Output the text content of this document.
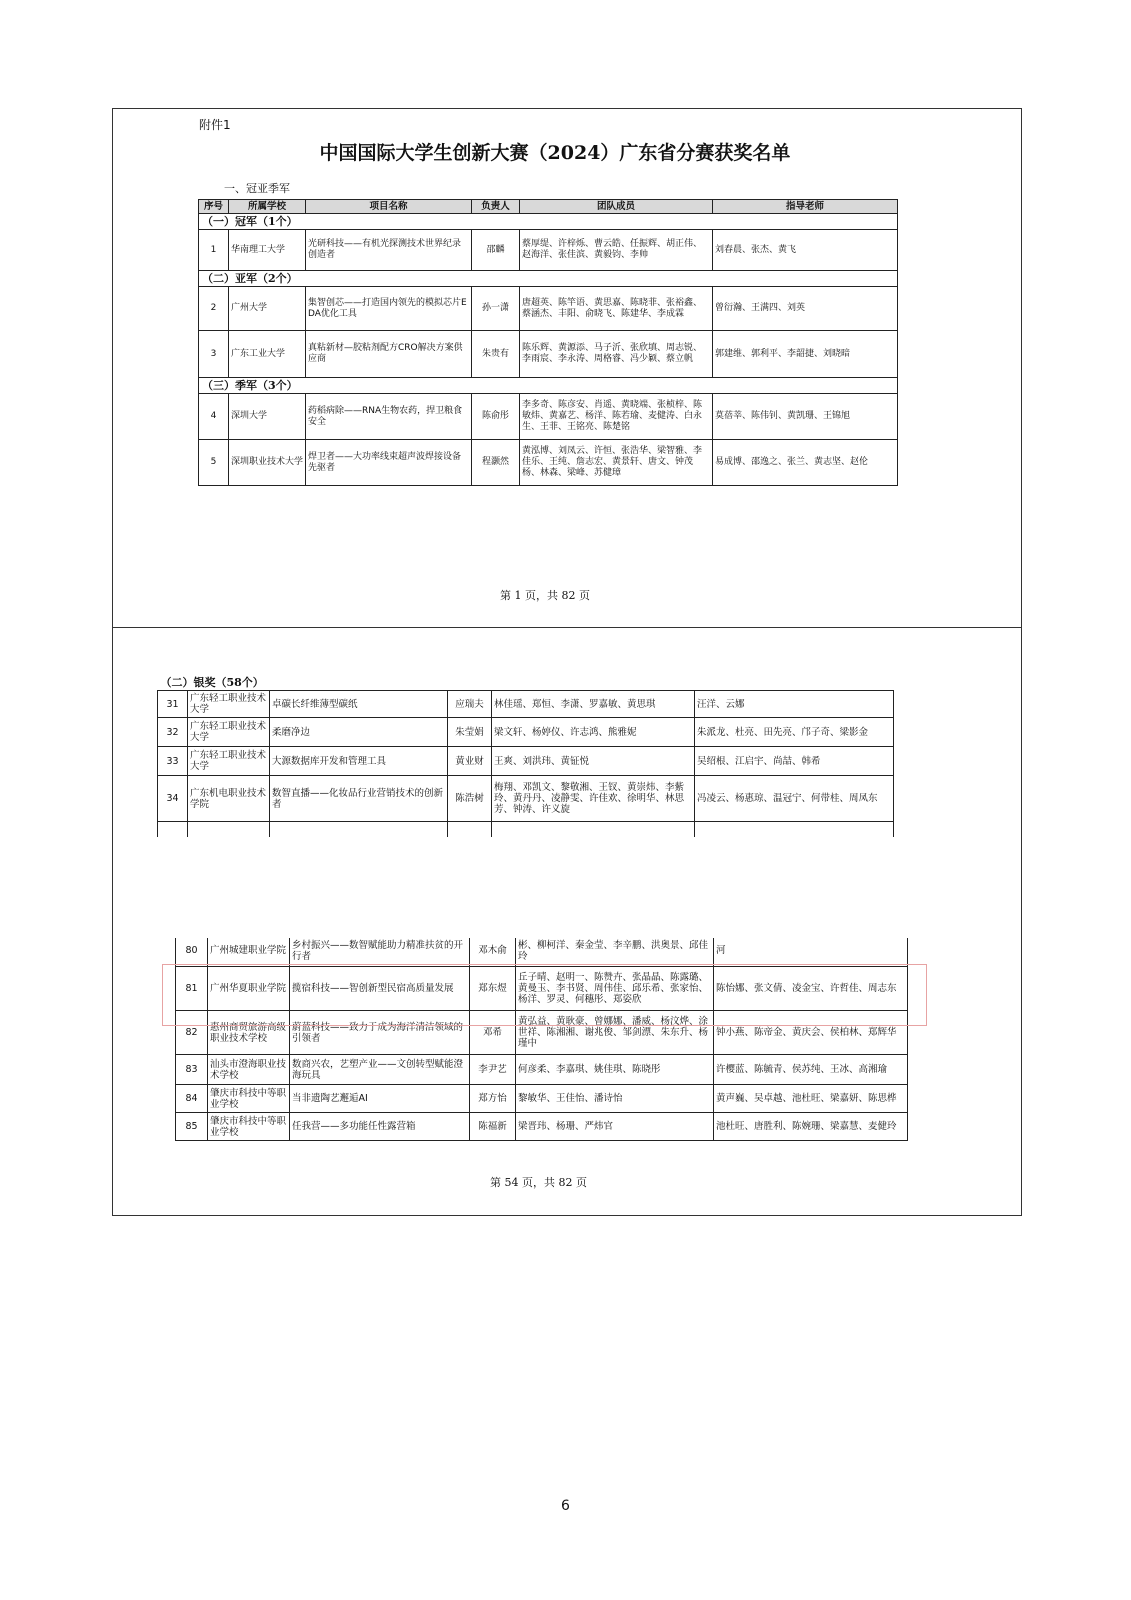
附件1
中国国际大学生创新大赛（2024）广东省分赛获奖名单
一、冠亚季军
序号	所属学校	项目名称	负责人	团队成员	指导老师
（一）冠军（1个）					
1	华南理工大学	光研科技——有机光探测技术世界纪录创造者	邵麟	蔡厚缇、许梓烁、曹云皓、任振辉、胡正伟、赵海洋、张佳滨、黄毅钧、李帅	刘春晨、张杰、黄飞
（二）亚军（2个）					
2	广州大学	集智创芯——打造国内领先的模拟芯片EDA优化工具	孙一潇	唐超英、陈竿语、黄思嘉、陈晓菲、张裕鑫、蔡涵杰、丰阳、俞晓飞、陈建华、李成霖	曾衍瀚、王满四、刘英
3	广东工业大学	真粘新材—胶粘剂配方CRO解决方案供应商	朱贵有	陈乐辉、黄源添、马子沂、张欣填、周志锐、李雨宸、李永涛、周格睿、冯少颖、蔡立帆	郭建维、郭利平、李韶捷、刘晓暗
（三）季军（3个）					
4	深圳大学	药稻病除——RNA生物农药，捍卫粮食安全	陈俞彤	李多奇、陈彦安、肖遥、黄晓端、张桢梓、陈敏炜、黄嘉艺、杨洋、陈若瑜、麦健涛、白永生、王菲、王铭亮、陈楚铭	莫蓓莘、陈伟钊、黄凯珊、王锦旭
5	深圳职业技术大学	焊卫者——大功率线束超声波焊接设备先驱者	程灏然	黄泓博、刘凤云、许恒、张浩华、梁智雅、李佳乐、王纯、詹志宏、黄景轩、唐文、钟茂杨、林森、梁峰、苏健璋	易成博、邵逸之、张兰、黄志坚、赵伦
第 1 页，共 82 页
（二）银奖（58个）					
31	广东轻工职业技术大学	卓碳长纤维薄型碳纸	应瑞夫	林佳瑶、郑恒、李潇、罗嘉敏、黄思琪	汪洋、云娜
32	广东轻工职业技术大学	柔磨净边	朱莹娟	梁文轩、杨婷仪、许志鸿、熊雅妮	朱派龙、杜亮、田先亮、邝子奇、梁影金
33	广东轻工职业技术大学	大源数据库开发和管理工具	黄业财	王爽、刘洪玮、黄钲悦	吴绍根、江启宇、尚喆、韩希
34	广东机电职业技术学院	数智直播——化妆品行业营销技术的创新者	陈浩树	梅翔、邓凯文、黎敬湘、王钗、黄崇炜、李紫玲、黄丹丹、凌静雯、许佳欢、徐明华、林思芳、钟涛、许义旋	冯凌云、杨惠琼、温冠宁、何带桂、周凤东

80	广州城建职业学院	乡村振兴——数智赋能助力精准扶贫的开行者	邓木俞	彬、柳柯洋、秦金莹、李辛鹏、洪奥景、邱佳玲	河
81	广州华夏职业学院	揽宿科技——智创新型民宿高质量发展	郑东煜	丘子晴、赵明一、陈赞卉、张晶晶、陈露璐、黄曼玉、李书贤、周伟佳、邱乐希、张家怡、杨洋、罗灵、何穗彤、郑姿欣	陈怡娜、张文倩、凌金宝、许哲佳、周志东
82	惠州商贸旅游高级职业技术学校	蔚蓝科技——致力于成为海洋清洁领域的引领者	邓希	黄弘益、黄耿豪、曾娜娜、潘威、杨汶烨、涂世祥、陈湘湘、谢兆俊、邹剑漂、朱东升、杨瑾中	钟小燕、陈帝金、黄庆会、侯柏林、郑辉华
83	汕头市澄海职业技术学校	数商兴农，艺塑产业——文创转型赋能澄海玩具	李尹艺	何彦柔、李嘉琪、姚佳琪、陈晓彤	许樱蓝、陈毓青、侯苏纯、王冰、高湘瑜
84	肇庆市科技中等职业学校	当非遗陶艺邂逅AI	郑方怡	黎敏华、王佳怡、潘诗怡	黄声巍、吴卓越、池杜旺、梁嘉妍、陈思桦
85	肇庆市科技中等职业学校	任我营——多功能任性露营箱	陈福新	梁晋玮、杨珊、严炜官	池杜旺、唐胜利、陈婉珊、梁嘉慧、麦健玲
第 54 页，共 82 页
6
